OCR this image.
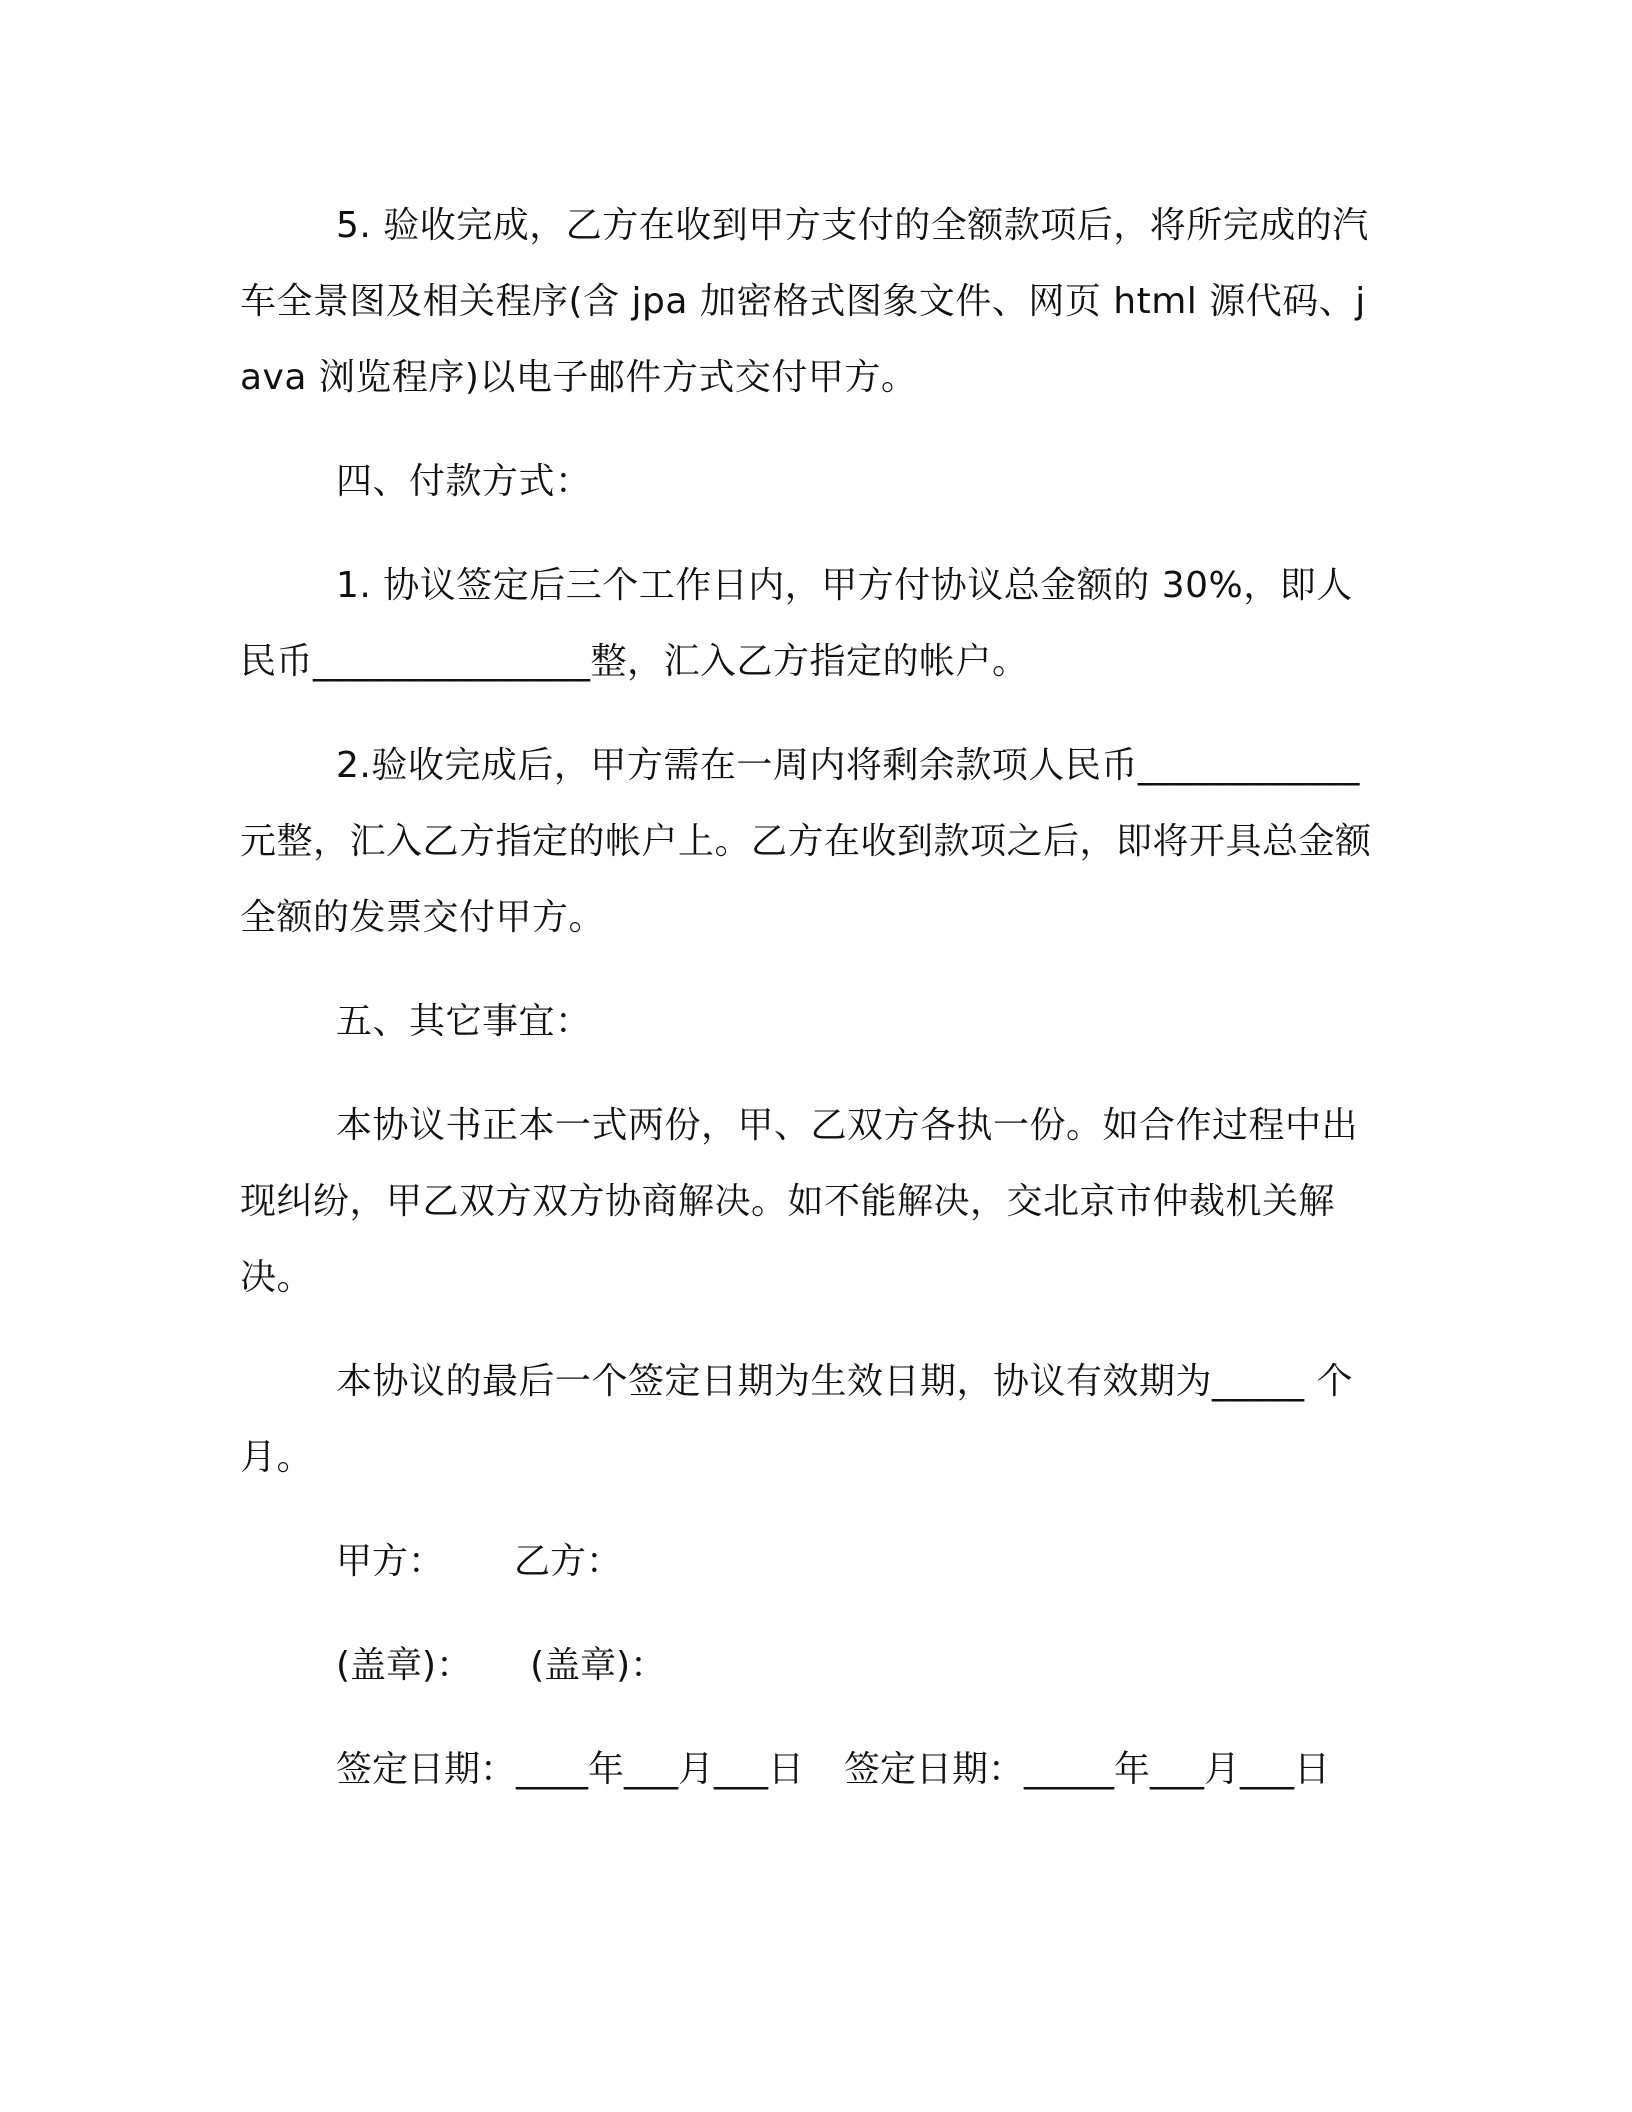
5. 验收完成，乙方在收到甲方支付的全额款项后，将所完成的汽车全景图及相关程序(含 jpa 加密格式图象文件、网页 html 源代码、java 浏览程序)以电子邮件方式交付甲方。

四、付款方式：

1. 协议签定后三个工作日内，甲方付协议总金额的 30%，即人民币_______________整，汇入乙方指定的帐户。

2.验收完成后，甲方需在一周内将剩余款项人民币____________元整，汇入乙方指定的帐户上。乙方在收到款项之后，即将开具总金额全额的发票交付甲方。

五、其它事宜：

本协议书正本一式两份，甲、乙双方各执一份。如合作过程中出现纠纷，甲乙双方双方协商解决。如不能解决，交北京市仲裁机关解决。

本协议的最后一个签定日期为生效日期，协议有效期为_____ 个月。

甲方： 乙方：
(盖章)： (盖章)：

签定日期：____年___月___日 签定日期：_____年___月___日
